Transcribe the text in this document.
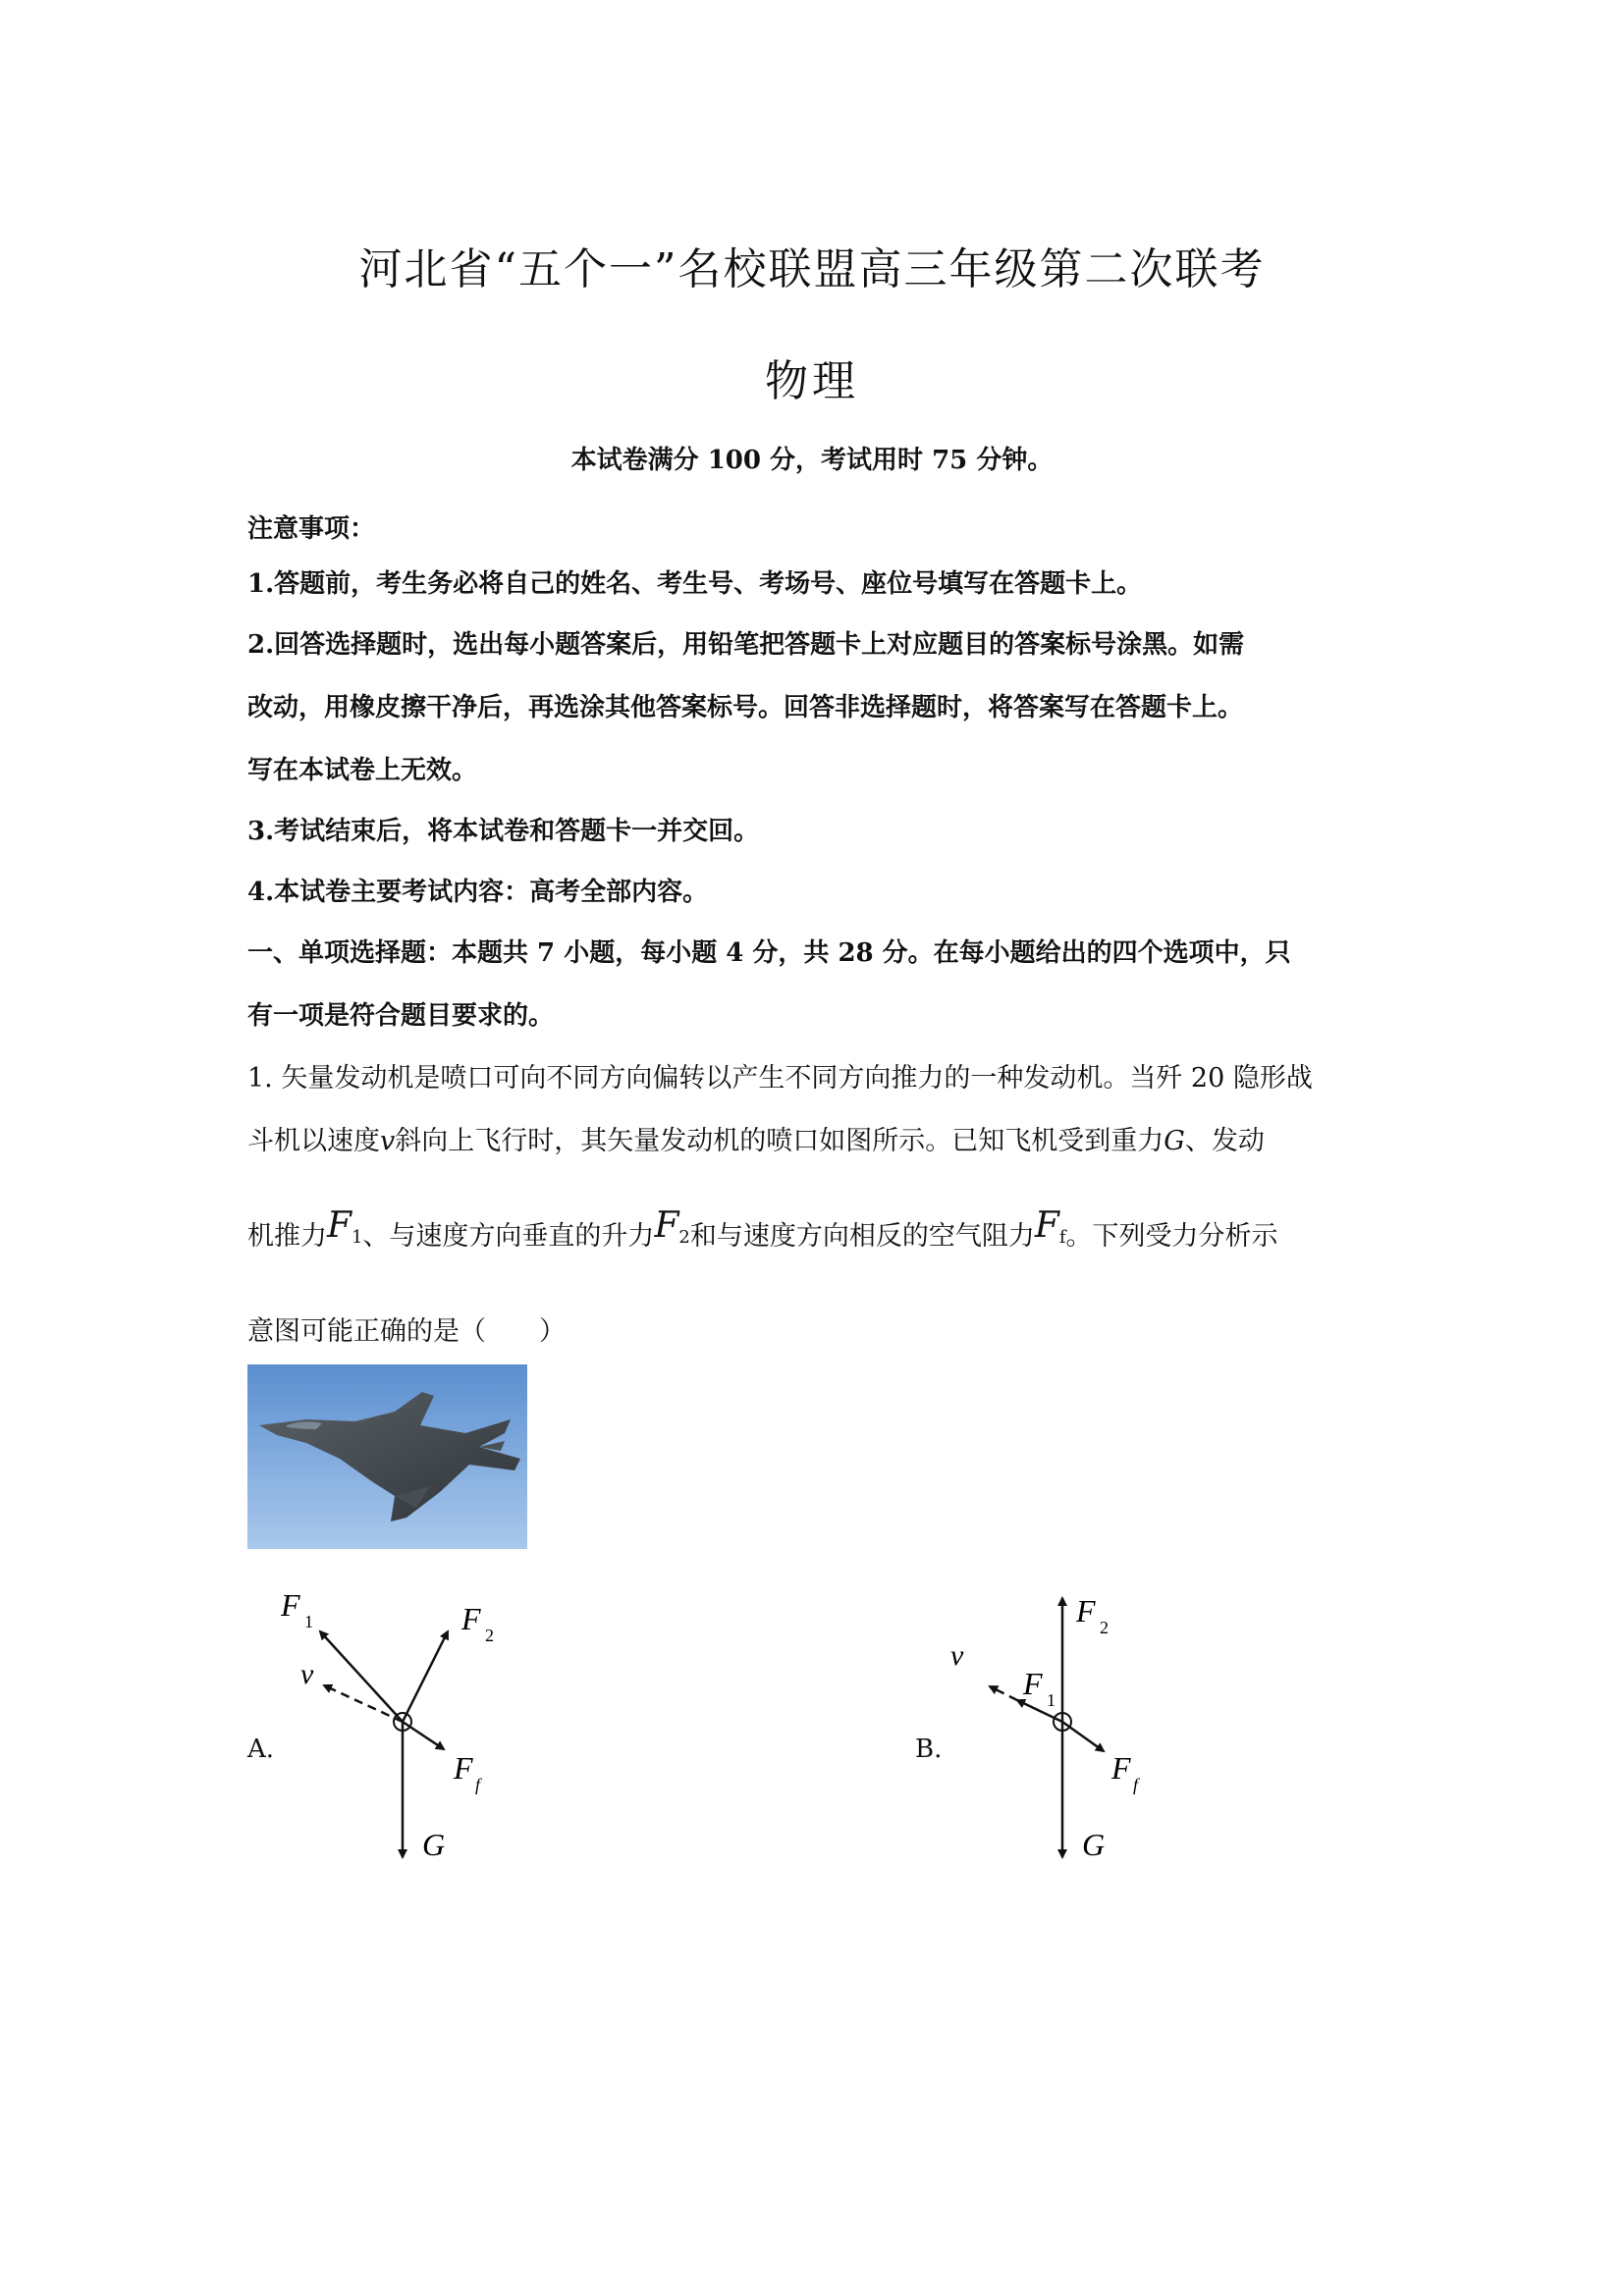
河北省“五个一”名校联盟高三年级第二次联考
物理
本试卷满分 100 分，考试用时 75 分钟。
注意事项：
1.答题前，考生务必将自己的姓名、考生号、考场号、座位号填写在答题卡上。
2.回答选择题时，选出每小题答案后，用铅笔把答题卡上对应题目的答案标号涂黑。如需
改动，用橡皮擦干净后，再选涂其他答案标号。回答非选择题时，将答案写在答题卡上。
写在本试卷上无效。
3.考试结束后，将本试卷和答题卡一并交回。
4.本试卷主要考试内容：高考全部内容。
一、单项选择题：本题共 7 小题，每小题 4 分，共 28 分。在每小题给出的四个选项中，只
有一项是符合题目要求的。
1. 矢量发动机是喷口可向不同方向偏转以产生不同方向推力的一种发动机。当歼 20 隐形战
斗机以速度v斜向上飞行时，其矢量发动机的喷口如图所示。已知飞机受到重力G、发动
机推力F1、与速度方向垂直的升力F2和与速度方向相反的空气阻力Ff。下列受力分析示
意图可能正确的是（　　）
A.
F 1	F 2
v
F f
G
B.
F 2
F 1
v
F f
G
